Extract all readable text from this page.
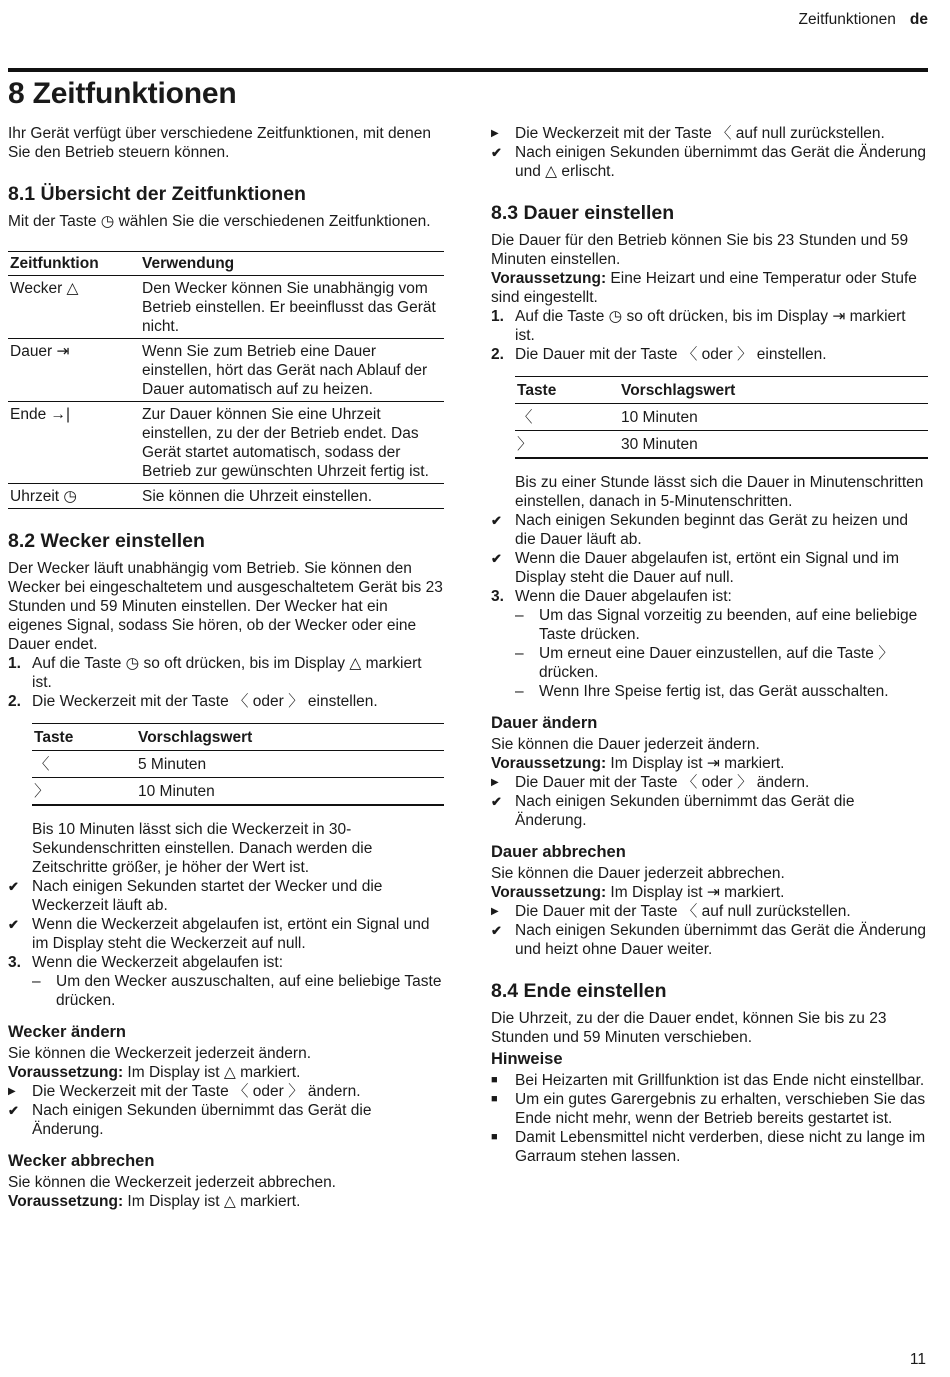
Zeitfunktionen de
8 Zeitfunktionen

Ihr Gerät verfügt über verschiedene Zeitfunktionen, mit denen Sie den Betrieb steuern können.

8.1 Übersicht der Zeitfunktionen

Mit der Taste ◷ wählen Sie die verschiedenen Zeitfunktionen.

Zeitfunktion	Verwendung
Wecker △	Den Wecker können Sie unabhängig vom Betrieb einstellen. Er beeinflusst das Gerät nicht.
Dauer ⇥	Wenn Sie zum Betrieb eine Dauer einstellen, hört das Gerät nach Ablauf der Dauer automatisch auf zu heizen.
Ende →|	Zur Dauer können Sie eine Uhrzeit einstellen, zu der der Betrieb endet. Das Gerät startet automatisch, sodass der Betrieb zur gewünschten Uhrzeit fertig ist.
Uhrzeit ◷	Sie können die Uhrzeit einstellen.
8.2 Wecker einstellen

Der Wecker läuft unabhängig vom Betrieb. Sie können den Wecker bei eingeschaltetem und ausgeschaltetem Gerät bis 23 Stunden und 59 Minuten einstellen. Der Wecker hat ein eigenes Signal, sodass Sie hören, ob der Wecker oder eine Dauer endet.

1. Auf die Taste ◷ so oft drücken, bis im Display △ markiert ist.
2. Die Weckerzeit mit der Taste 〈 oder 〉 einstellen.
Taste	Vorschlagswert
〈	5 Minuten
〉	10 Minuten

Bis 10 Minuten lässt sich die Weckerzeit in 30-Sekundenschritten einstellen. Danach werden die Zeitschritte größer, je höher der Wert ist.

✔ Nach einigen Sekunden startet der Wecker und die Weckerzeit läuft ab.
✔ Wenn die Weckerzeit abgelaufen ist, ertönt ein Signal und im Display steht die Weckerzeit auf null.
3. Wenn die Weckerzeit abgelaufen ist:
– Um den Wecker auszuschalten, auf eine beliebige Taste drücken.
Wecker ändern

Sie können die Weckerzeit jederzeit ändern.

Voraussetzung: Im Display ist △ markiert.

▶	Die Weckerzeit mit der Taste 〈 oder 〉 ändern.
✔ Nach einigen Sekunden übernimmt das Gerät die Änderung.
Wecker abbrechen

Sie können die Weckerzeit jederzeit abbrechen.

Voraussetzung: Im Display ist △ markiert.

▶	Die Weckerzeit mit der Taste 〈 auf null zurückstellen.
✔ Nach einigen Sekunden übernimmt das Gerät die Änderung und △ erlischt.
8.3 Dauer einstellen

Die Dauer für den Betrieb können Sie bis 23 Stunden und 59 Minuten einstellen.

Voraussetzung: Eine Heizart und eine Temperatur oder Stufe sind eingestellt.

1. Auf die Taste ◷ so oft drücken, bis im Display ⇥ markiert ist.
2. Die Dauer mit der Taste 〈 oder 〉 einstellen.
Taste	Vorschlagswert
〈	10 Minuten
〉	30 Minuten

Bis zu einer Stunde lässt sich die Dauer in Minutenschritten einstellen, danach in 5-Minutenschritten.

✔ Nach einigen Sekunden beginnt das Gerät zu heizen und die Dauer läuft ab.
✔ Wenn die Dauer abgelaufen ist, ertönt ein Signal und im Display steht die Dauer auf null.
3. Wenn die Dauer abgelaufen ist:
– Um das Signal vorzeitig zu beenden, auf eine beliebige Taste drücken.
– Um erneut eine Dauer einzustellen, auf die Taste 〉 drücken.
– Wenn Ihre Speise fertig ist, das Gerät ausschalten.
Dauer ändern

Sie können die Dauer jederzeit ändern.

Voraussetzung: Im Display ist ⇥ markiert.

▶	Die Dauer mit der Taste 〈 oder 〉 ändern.
✔ Nach einigen Sekunden übernimmt das Gerät die Änderung.
Dauer abbrechen

Sie können die Dauer jederzeit abbrechen.

Voraussetzung: Im Display ist ⇥ markiert.

▶	Die Dauer mit der Taste 〈 auf null zurückstellen.
✔ Nach einigen Sekunden übernimmt das Gerät die Änderung und heizt ohne Dauer weiter.
8.4 Ende einstellen

Die Uhrzeit, zu der die Dauer endet, können Sie bis zu 23 Stunden und 59 Minuten verschieben.

Hinweise
■	Bei Heizarten mit Grillfunktion ist das Ende nicht einstellbar.
■	Um ein gutes Garergebnis zu erhalten, verschieben Sie das Ende nicht mehr, wenn der Betrieb bereits gestartet ist.
■	Damit Lebensmittel nicht verderben, diese nicht zu lange im Garraum stehen lassen.
11
